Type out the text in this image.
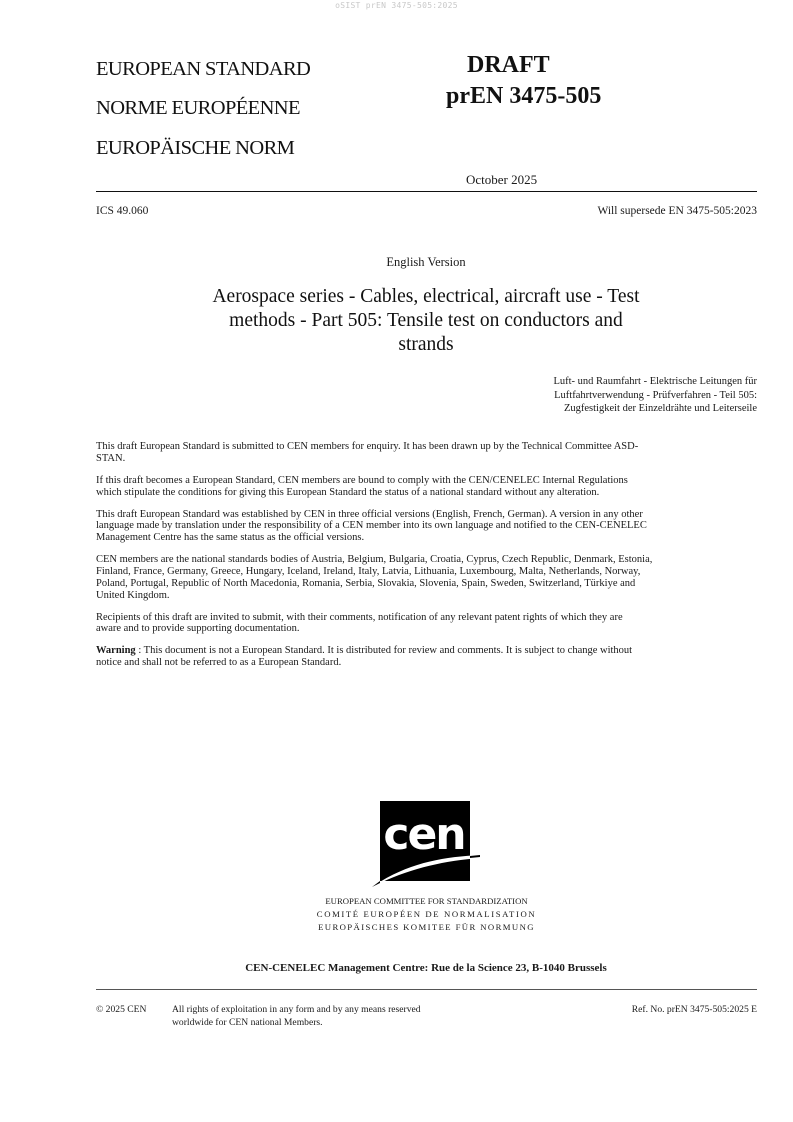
oSIST prEN 3475-505:2025
EUROPEAN STANDARD
NORME EUROPÉENNE
EUROPÄISCHE NORM
DRAFT
prEN 3475-505
October 2025
ICS 49.060	Will supersede EN 3475-505:2023
English Version
Aerospace series - Cables, electrical, aircraft use - Test
methods - Part 505: Tensile test on conductors and
strands
Luft- und Raumfahrt - Elektrische Leitungen für
Luftfahrtverwendung - Prüfverfahren - Teil 505:
Zugfestigkeit der Einzeldrähte und Leiterseile

This draft European Standard is submitted to CEN members for enquiry. It has been drawn up by the Technical Committee ASD-
STAN.

If this draft becomes a European Standard, CEN members are bound to comply with the CEN/CENELEC Internal Regulations
which stipulate the conditions for giving this European Standard the status of a national standard without any alteration.

This draft European Standard was established by CEN in three official versions (English, French, German). A version in any other
language made by translation under the responsibility of a CEN member into its own language and notified to the CEN-CENELEC
Management Centre has the same status as the official versions.

CEN members are the national standards bodies of Austria, Belgium, Bulgaria, Croatia, Cyprus, Czech Republic, Denmark, Estonia,
Finland, France, Germany, Greece, Hungary, Iceland, Ireland, Italy, Latvia, Lithuania, Luxembourg, Malta, Netherlands, Norway,
Poland, Portugal, Republic of North Macedonia, Romania, Serbia, Slovakia, Slovenia, Spain, Sweden, Switzerland, Türkiye and
United Kingdom.

Recipients of this draft are invited to submit, with their comments, notification of any relevant patent rights of which they are
aware and to provide supporting documentation.

Warning : This document is not a European Standard. It is distributed for review and comments. It is subject to change without
notice and shall not be referred to as a European Standard.

cen
EUROPEAN COMMITTEE FOR STANDARDIZATION
COMITÉ EUROPÉEN DE NORMALISATION
EUROPÄISCHES KOMITEE FÜR NORMUNG
CEN-CENELEC Management Centre: Rue de la Science 23, B-1040 Brussels
© 2025 CEN	All rights of exploitation in any form and by any means reserved
worldwide for CEN national Members.
Ref. No. prEN 3475-505:2025 E
